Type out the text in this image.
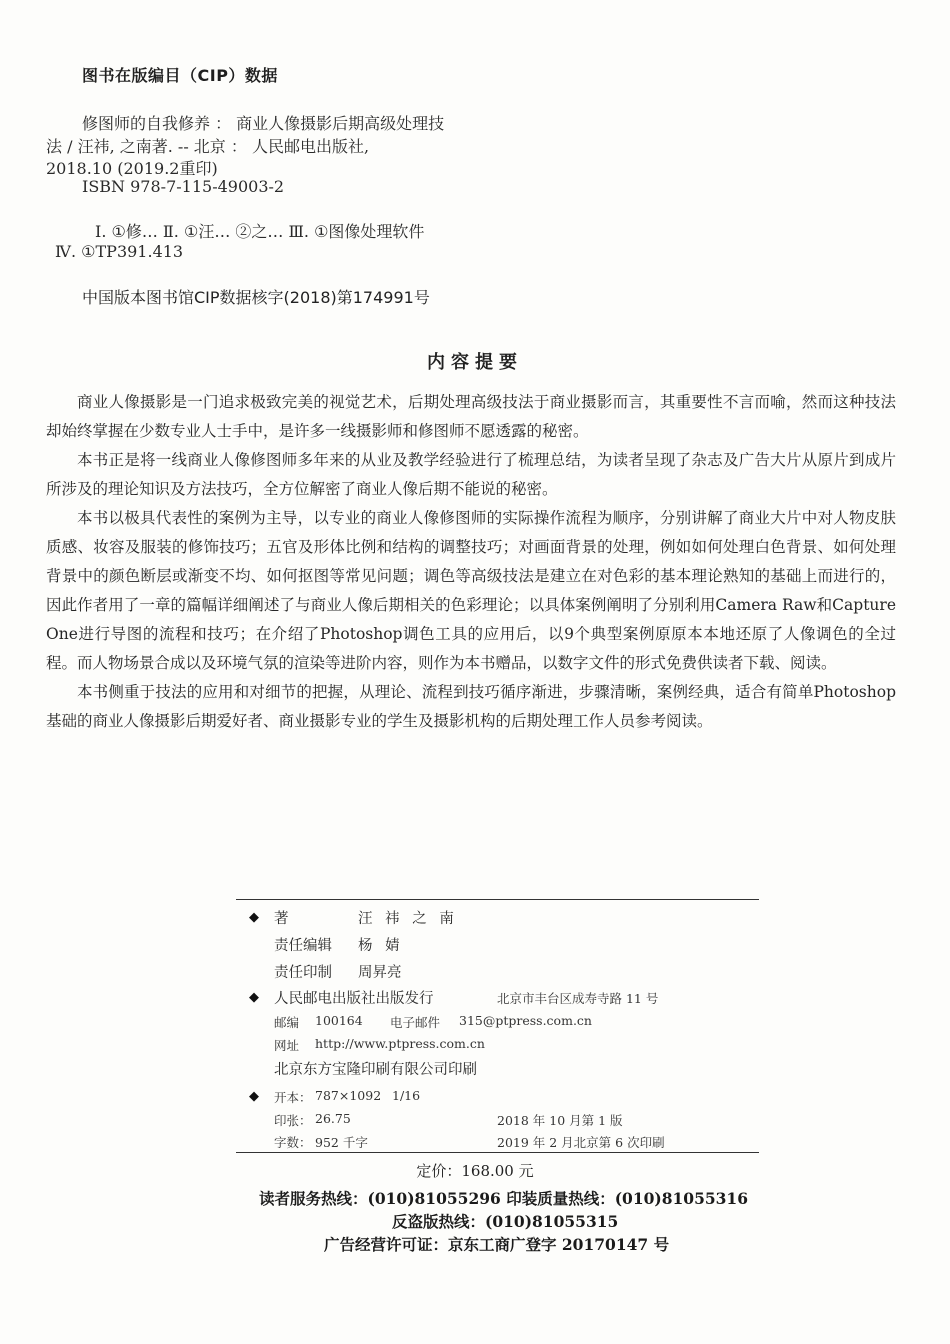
图书在版编目（CIP）数据
修图师的自我修养 ： 商业人像摄影后期高级处理技
法 / 汪祎, 之南著. -- 北京 ： 人民邮电出版社,
2018.10 (2019.2重印)
ISBN 978-7-115-49003-2
Ⅰ. ①修… Ⅱ. ①汪… ②之… Ⅲ. ①图像处理软件
Ⅳ. ①TP391.413
中国版本图书馆CIP数据核字(2018)第174991号
内容提要

商业人像摄影是一门追求极致完美的视觉艺术，后期处理高级技法于商业摄影而言，其重要性不言而喻，然而这种技法却始终掌握在少数专业人士手中，是许多一线摄影师和修图师不愿透露的秘密。

本书正是将一线商业人像修图师多年来的从业及教学经验进行了梳理总结，为读者呈现了杂志及广告大片从原片到成片所涉及的理论知识及方法技巧，全方位解密了商业人像后期不能说的秘密。

本书以极具代表性的案例为主导，以专业的商业人像修图师的实际操作流程为顺序，分别讲解了商业大片中对人物皮肤质感、妆容及服装的修饰技巧；五官及形体比例和结构的调整技巧；对画面背景的处理，例如如何处理白色背景、如何处理背景中的颜色断层或渐变不均、如何抠图等常见问题；调色等高级技法是建立在对色彩的基本理论熟知的基础上而进行的，因此作者用了一章的篇幅详细阐述了与商业人像后期相关的色彩理论；以具体案例阐明了分别利用Camera Raw和Capture One进行导图的流程和技巧；在介绍了Photoshop调色工具的应用后，以9个典型案例原原本本地还原了人像调色的全过程。而人物场景合成以及环境气氛的渲染等进阶内容，则作为本书赠品，以数字文件的形式免费供读者下载、阅读。

本书侧重于技法的应用和对细节的把握，从理论、流程到技巧循序渐进，步骤清晰，案例经典，适合有简单Photoshop基础的商业人像摄影后期爱好者、商业摄影专业的学生及摄影机构的后期处理工作人员参考阅读。

◆ 著	汪 祎 之 南
责任编辑 杨 婧
责任印制 周昇亮
◆ 人民邮电出版社出版发行	北京市丰台区成寿寺路 11 号
邮编 100164 电子邮件 315@ptpress.com.cn
网址 http://www.ptpress.com.cn
北京东方宝隆印刷有限公司印刷
◆ 开本： 787×1092 1/16
印张： 26.75	2018 年 10 月第 1 版
字数： 952 千字	2019 年 2 月北京第 6 次印刷
定价：168.00 元
读者服务热线：(010)81055296 印装质量热线：(010)81055316
反盗版热线：(010)81055315
广告经营许可证：京东工商广登字 20170147 号
